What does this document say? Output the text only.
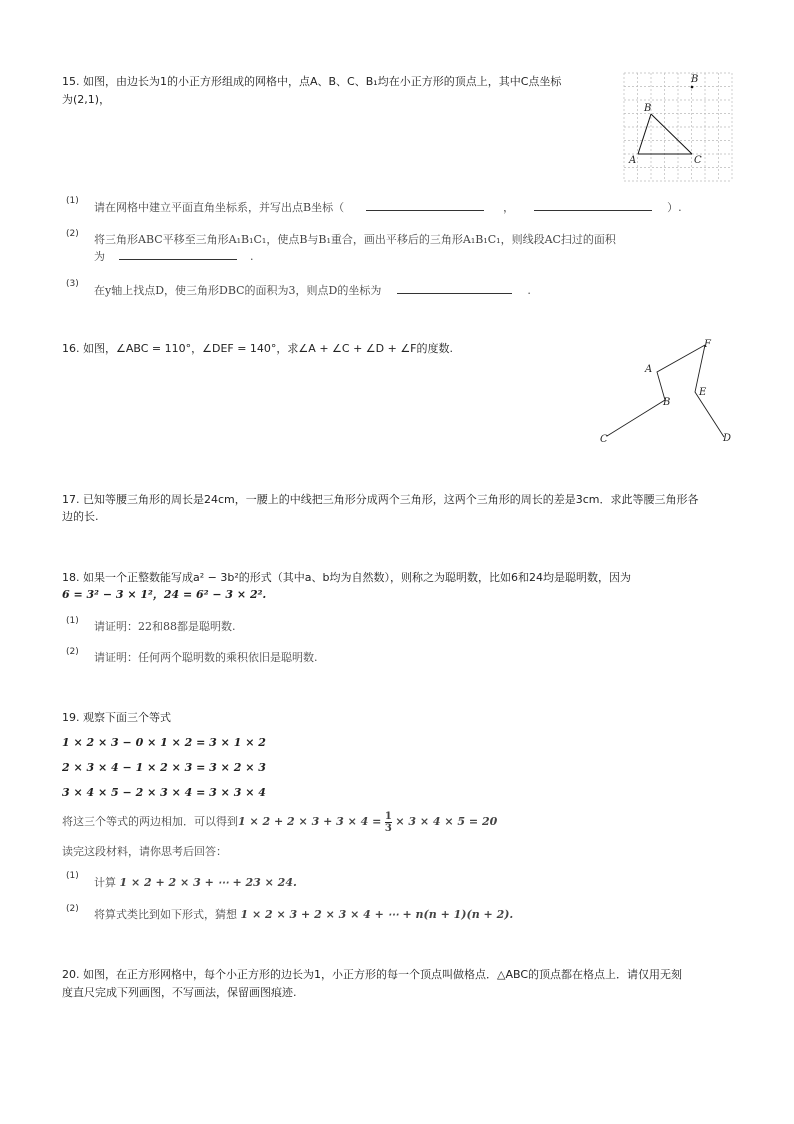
15. 如图，由边长为1的小正方形组成的网格中，点A、B、C、B₁均在小正方形的顶点上，其中C点坐标
为(2,1)，
B
B
A	C
(1) 请在网格中建立平面直角坐标系，并写出点B坐标（	，	）.
(2) 将三角形ABC平移至三角形A₁B₁C₁，使点B与B₁重合，画出平移后的三角形A₁B₁C₁，则线段AC扫过的面积
为	.
(3) 在y轴上找点D，使三角形DBC的面积为3，则点D的坐标为	.
16. 如图，∠ABC = 110°，∠DEF = 140°，求∠A + ∠C + ∠D + ∠F的度数.	F
A
B
C
E
D
17. 已知等腰三角形的周长是24cm，一腰上的中线把三角形分成两个三角形，这两个三角形的周长的差是3cm．求此等腰三角形各
边的长.
18. 如果一个正整数能写成a² − 3b²的形式（其中a、b均为自然数），则称之为聪明数，比如6和24均是聪明数，因为
6 = 3² − 3 × 1²，24 = 6² − 3 × 2².
(1) 请证明：22和88都是聪明数.
(2) 请证明：任何两个聪明数的乘积依旧是聪明数.
19. 观察下面三个等式
1 × 2 × 3 − 0 × 1 × 2 = 3 × 1 × 2
2 × 3 × 4 − 1 × 2 × 3 = 3 × 2 × 3
3 × 4 × 5 − 2 × 3 × 4 = 3 × 3 × 4
将这三个等式的两边相加．可以得到$1 \times 2 + 2 \times 3 + 3 \times 4 = \frac{1}{3} \times 3 \times 4 \times 5 = 20$
读完这段材料，请你思考后回答：
(1) 计算 1 × 2 + 2 × 3 + ⋯ + 23 × 24.
(2) 将算式类比到如下形式，猜想 1 × 2 × 3 + 2 × 3 × 4 + ⋯ + n(n + 1)(n + 2).
20. 如图，在正方形网格中，每个小正方形的边长为1，小正方形的每一个顶点叫做格点．△ABC的顶点都在格点上．请仅用无刻
度直尺完成下列画图，不写画法，保留画图痕迹.
